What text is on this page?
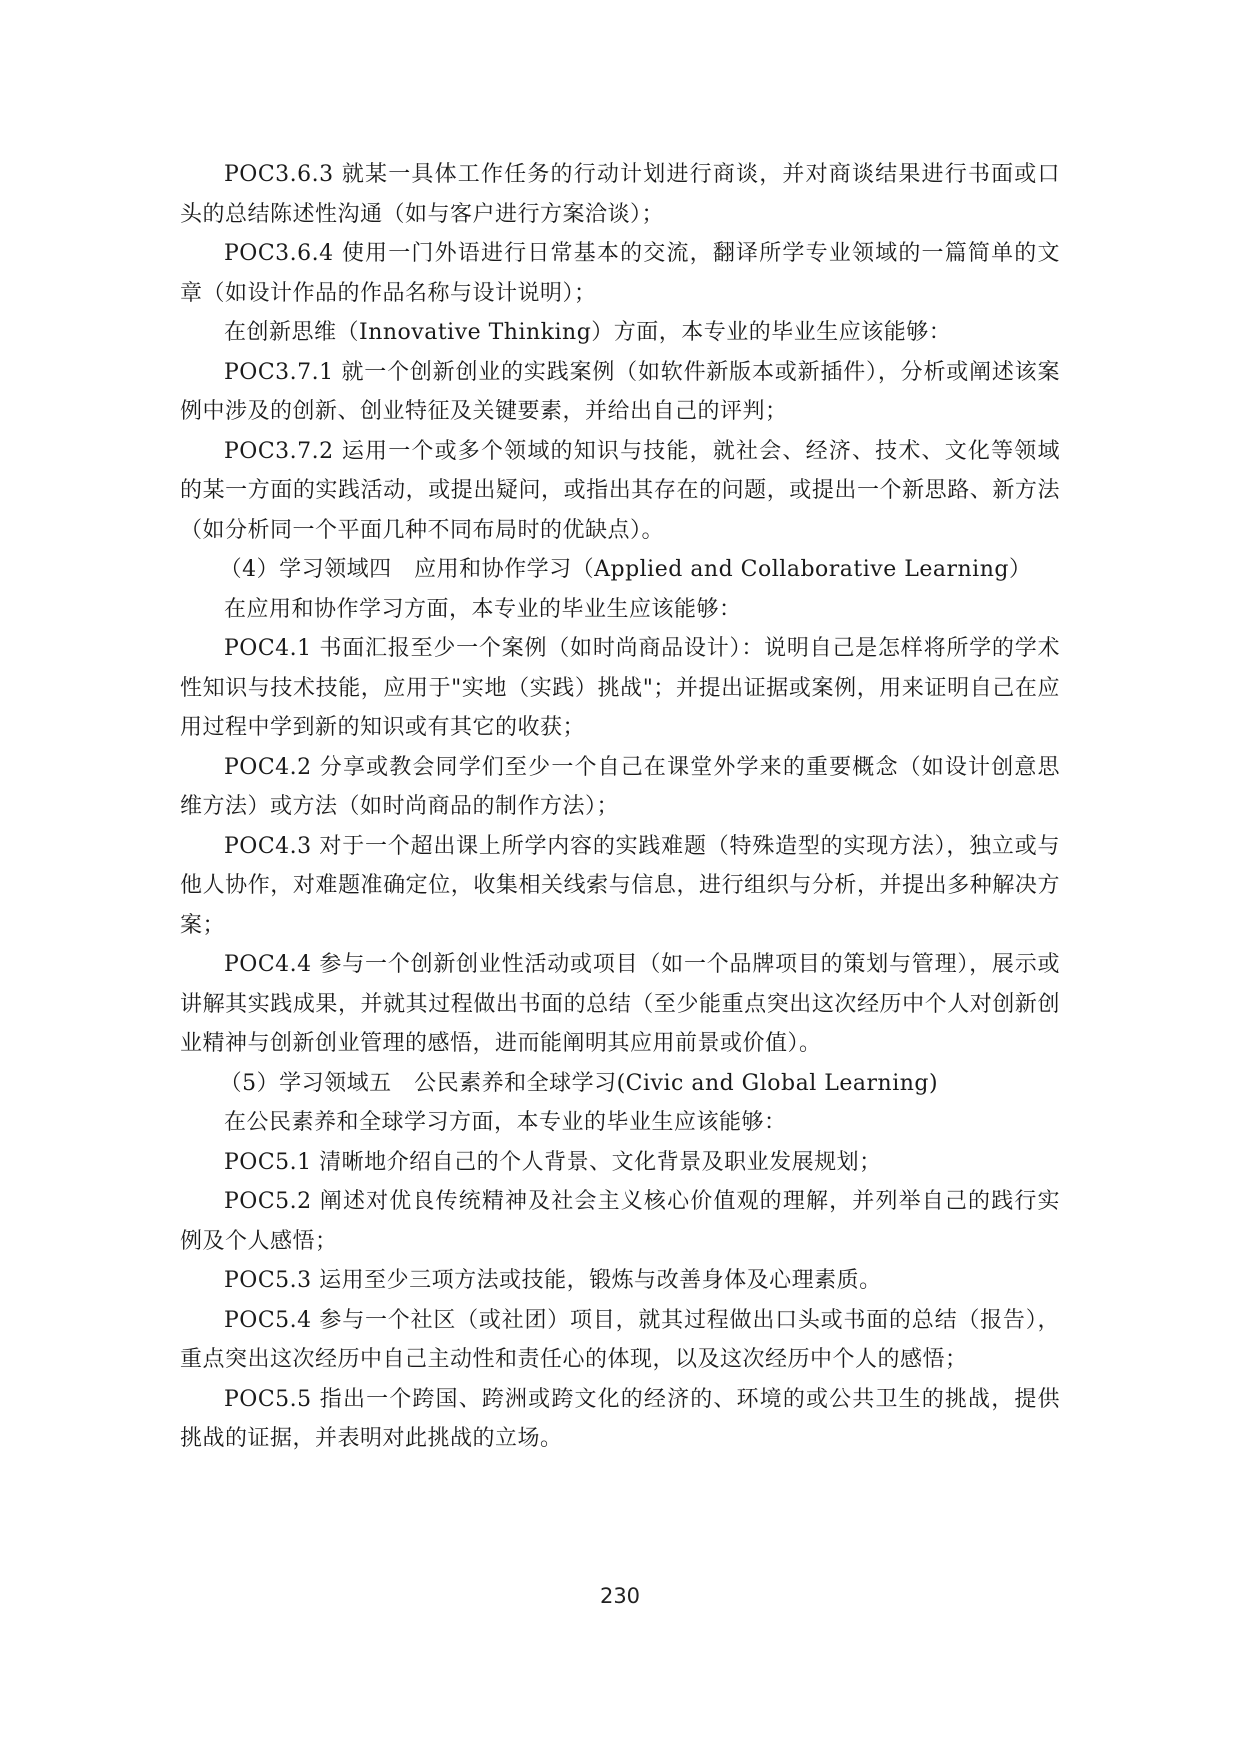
POC3.6.3 就某一具体工作任务的行动计划进行商谈，并对商谈结果进行书面或口头的总结陈述性沟通（如与客户进行方案洽谈）；

POC3.6.4 使用一门外语进行日常基本的交流，翻译所学专业领域的一篇简单的文章（如设计作品的作品名称与设计说明）；

在创新思维（Innovative Thinking）方面，本专业的毕业生应该能够：

POC3.7.1 就一个创新创业的实践案例（如软件新版本或新插件），分析或阐述该案例中涉及的创新、创业特征及关键要素，并给出自己的评判；

POC3.7.2 运用一个或多个领域的知识与技能，就社会、经济、技术、文化等领域的某一方面的实践活动，或提出疑问，或指出其存在的问题，或提出一个新思路、新方法（如分析同一个平面几种不同布局时的优缺点）。

（4）学习领域四　应用和协作学习（Applied and Collaborative Learning）

在应用和协作学习方面，本专业的毕业生应该能够：

POC4.1 书面汇报至少一个案例（如时尚商品设计）：说明自己是怎样将所学的学术性知识与技术技能，应用于"实地（实践）挑战"；并提出证据或案例，用来证明自己在应用过程中学到新的知识或有其它的收获；

POC4.2 分享或教会同学们至少一个自己在课堂外学来的重要概念（如设计创意思维方法）或方法（如时尚商品的制作方法）；

POC4.3 对于一个超出课上所学内容的实践难题（特殊造型的实现方法），独立或与他人协作，对难题准确定位，收集相关线索与信息，进行组织与分析，并提出多种解决方案；

POC4.4 参与一个创新创业性活动或项目（如一个品牌项目的策划与管理），展示或讲解其实践成果，并就其过程做出书面的总结（至少能重点突出这次经历中个人对创新创业精神与创新创业管理的感悟，进而能阐明其应用前景或价值）。

（5）学习领域五　公民素养和全球学习(Civic and Global Learning)

在公民素养和全球学习方面，本专业的毕业生应该能够：

POC5.1 清晰地介绍自己的个人背景、文化背景及职业发展规划；

POC5.2 阐述对优良传统精神及社会主义核心价值观的理解，并列举自己的践行实例及个人感悟；

POC5.3 运用至少三项方法或技能，锻炼与改善身体及心理素质。

POC5.4 参与一个社区（或社团）项目，就其过程做出口头或书面的总结（报告），重点突出这次经历中自己主动性和责任心的体现，以及这次经历中个人的感悟；

POC5.5 指出一个跨国、跨洲或跨文化的经济的、环境的或公共卫生的挑战，提供挑战的证据，并表明对此挑战的立场。

230
